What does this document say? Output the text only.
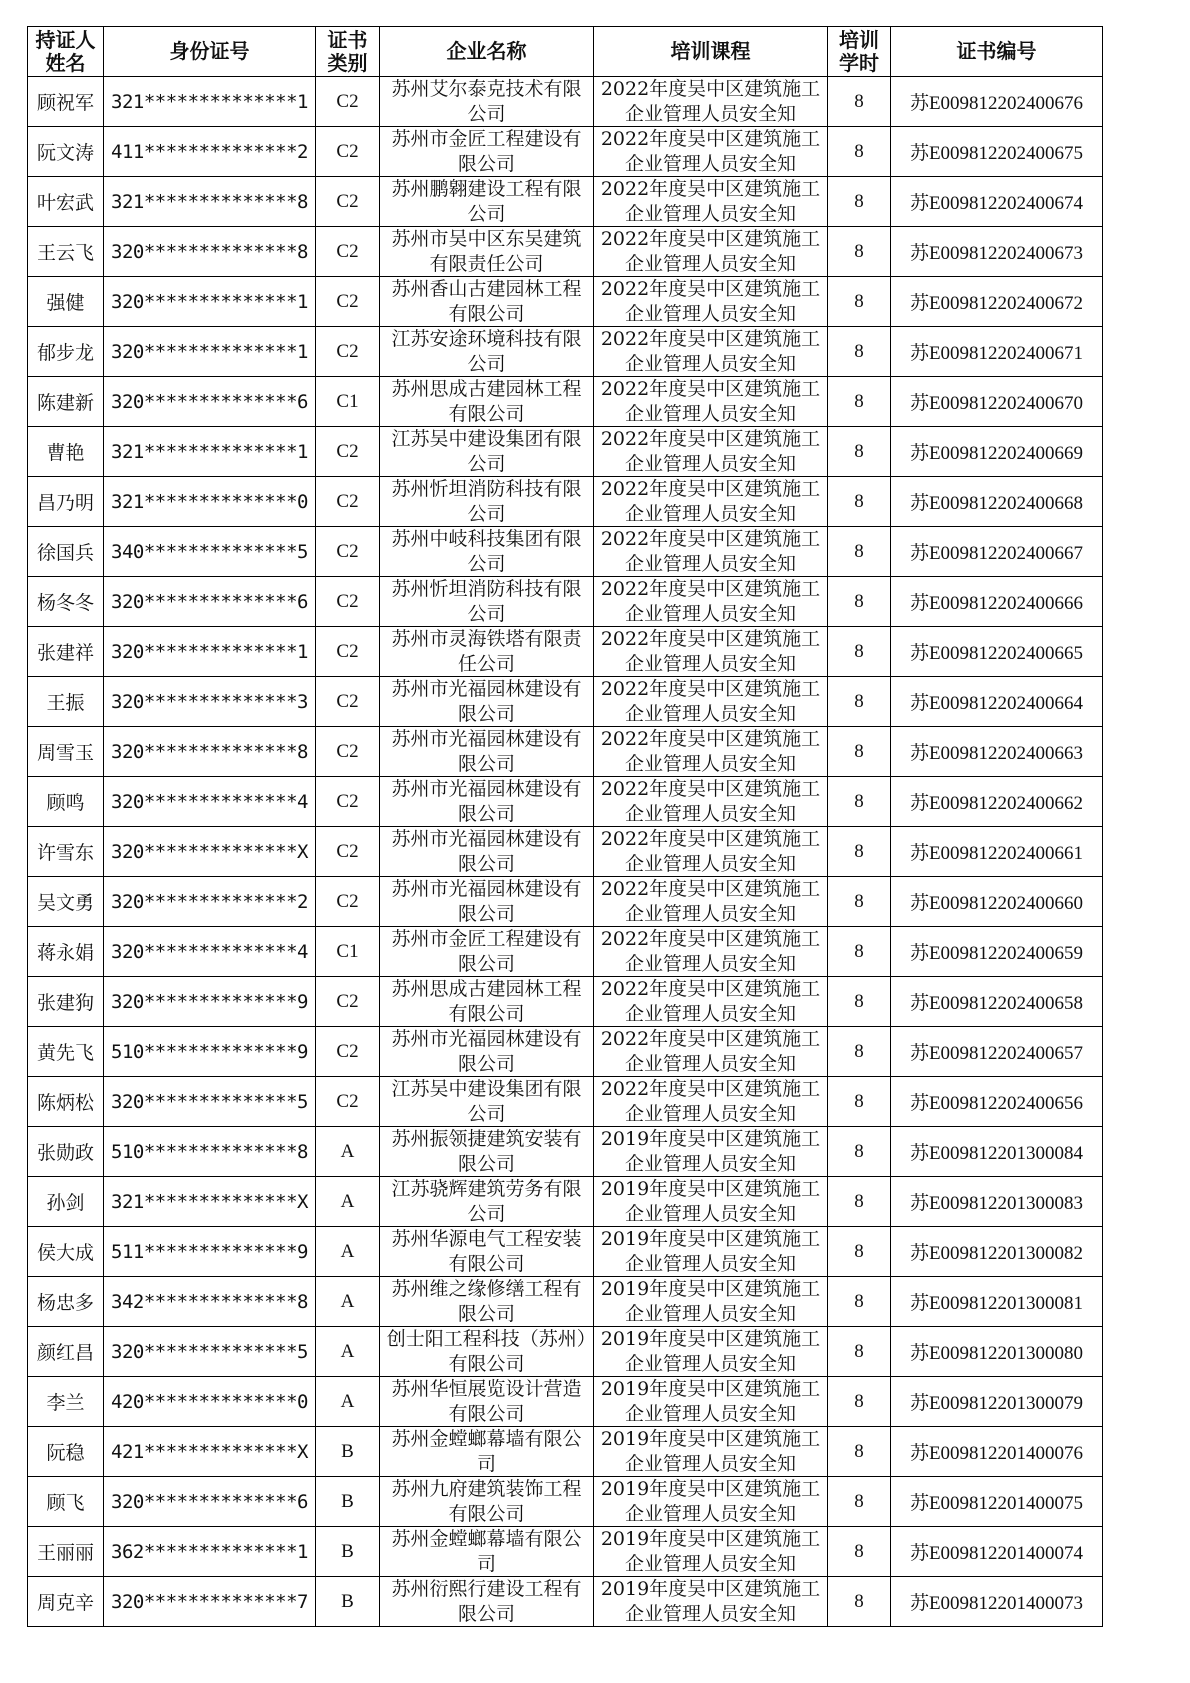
持证人姓名	身份证号	证书类别	企业名称	培训课程	培训学时	证书编号
顾祝军	321**************1	C2	苏州艾尔泰克技术有限公司	2022年度吴中区建筑施工企业管理人员安全知	8	苏E009812202400676
阮文涛	411**************2	C2	苏州市金匠工程建设有限公司	2022年度吴中区建筑施工企业管理人员安全知	8	苏E009812202400675
叶宏武	321**************8	C2	苏州鹏翱建设工程有限公司	2022年度吴中区建筑施工企业管理人员安全知	8	苏E009812202400674
王云飞	320**************8	C2	苏州市吴中区东吴建筑有限责任公司	2022年度吴中区建筑施工企业管理人员安全知	8	苏E009812202400673
强健	320**************1	C2	苏州香山古建园林工程有限公司	2022年度吴中区建筑施工企业管理人员安全知	8	苏E009812202400672
郁步龙	320**************1	C2	江苏安途环境科技有限公司	2022年度吴中区建筑施工企业管理人员安全知	8	苏E009812202400671
陈建新	320**************6	C1	苏州思成古建园林工程有限公司	2022年度吴中区建筑施工企业管理人员安全知	8	苏E009812202400670
曹艳	321**************1	C2	江苏吴中建设集团有限公司	2022年度吴中区建筑施工企业管理人员安全知	8	苏E009812202400669
昌乃明	321**************0	C2	苏州忻坦消防科技有限公司	2022年度吴中区建筑施工企业管理人员安全知	8	苏E009812202400668
徐国兵	340**************5	C2	苏州中岐科技集团有限公司	2022年度吴中区建筑施工企业管理人员安全知	8	苏E009812202400667
杨冬冬	320**************6	C2	苏州忻坦消防科技有限公司	2022年度吴中区建筑施工企业管理人员安全知	8	苏E009812202400666
张建祥	320**************1	C2	苏州市灵海铁塔有限责任公司	2022年度吴中区建筑施工企业管理人员安全知	8	苏E009812202400665
王振	320**************3	C2	苏州市光福园林建设有限公司	2022年度吴中区建筑施工企业管理人员安全知	8	苏E009812202400664
周雪玉	320**************8	C2	苏州市光福园林建设有限公司	2022年度吴中区建筑施工企业管理人员安全知	8	苏E009812202400663
顾鸣	320**************4	C2	苏州市光福园林建设有限公司	2022年度吴中区建筑施工企业管理人员安全知	8	苏E009812202400662
许雪东	320**************X	C2	苏州市光福园林建设有限公司	2022年度吴中区建筑施工企业管理人员安全知	8	苏E009812202400661
吴文勇	320**************2	C2	苏州市光福园林建设有限公司	2022年度吴中区建筑施工企业管理人员安全知	8	苏E009812202400660
蒋永娟	320**************4	C1	苏州市金匠工程建设有限公司	2022年度吴中区建筑施工企业管理人员安全知	8	苏E009812202400659
张建狗	320**************9	C2	苏州思成古建园林工程有限公司	2022年度吴中区建筑施工企业管理人员安全知	8	苏E009812202400658
黄先飞	510**************9	C2	苏州市光福园林建设有限公司	2022年度吴中区建筑施工企业管理人员安全知	8	苏E009812202400657
陈炳松	320**************5	C2	江苏吴中建设集团有限公司	2022年度吴中区建筑施工企业管理人员安全知	8	苏E009812202400656
张勋政	510**************8	A	苏州振领捷建筑安装有限公司	2019年度吴中区建筑施工企业管理人员安全知	8	苏E009812201300084
孙剑	321**************X	A	江苏骁辉建筑劳务有限公司	2019年度吴中区建筑施工企业管理人员安全知	8	苏E009812201300083
侯大成	511**************9	A	苏州华源电气工程安装有限公司	2019年度吴中区建筑施工企业管理人员安全知	8	苏E009812201300082
杨忠多	342**************8	A	苏州维之缘修缮工程有限公司	2019年度吴中区建筑施工企业管理人员安全知	8	苏E009812201300081
颜红昌	320**************5	A	创士阳工程科技（苏州）有限公司	2019年度吴中区建筑施工企业管理人员安全知	8	苏E009812201300080
李兰	420**************0	A	苏州华恒展览设计营造有限公司	2019年度吴中区建筑施工企业管理人员安全知	8	苏E009812201300079
阮稳	421**************X	B	苏州金螳螂幕墙有限公司	2019年度吴中区建筑施工企业管理人员安全知	8	苏E009812201400076
顾飞	320**************6	B	苏州九府建筑装饰工程有限公司	2019年度吴中区建筑施工企业管理人员安全知	8	苏E009812201400075
王丽丽	362**************1	B	苏州金螳螂幕墙有限公司	2019年度吴中区建筑施工企业管理人员安全知	8	苏E009812201400074
周克辛	320**************7	B	苏州衍熙行建设工程有限公司	2019年度吴中区建筑施工企业管理人员安全知	8	苏E009812201400073
